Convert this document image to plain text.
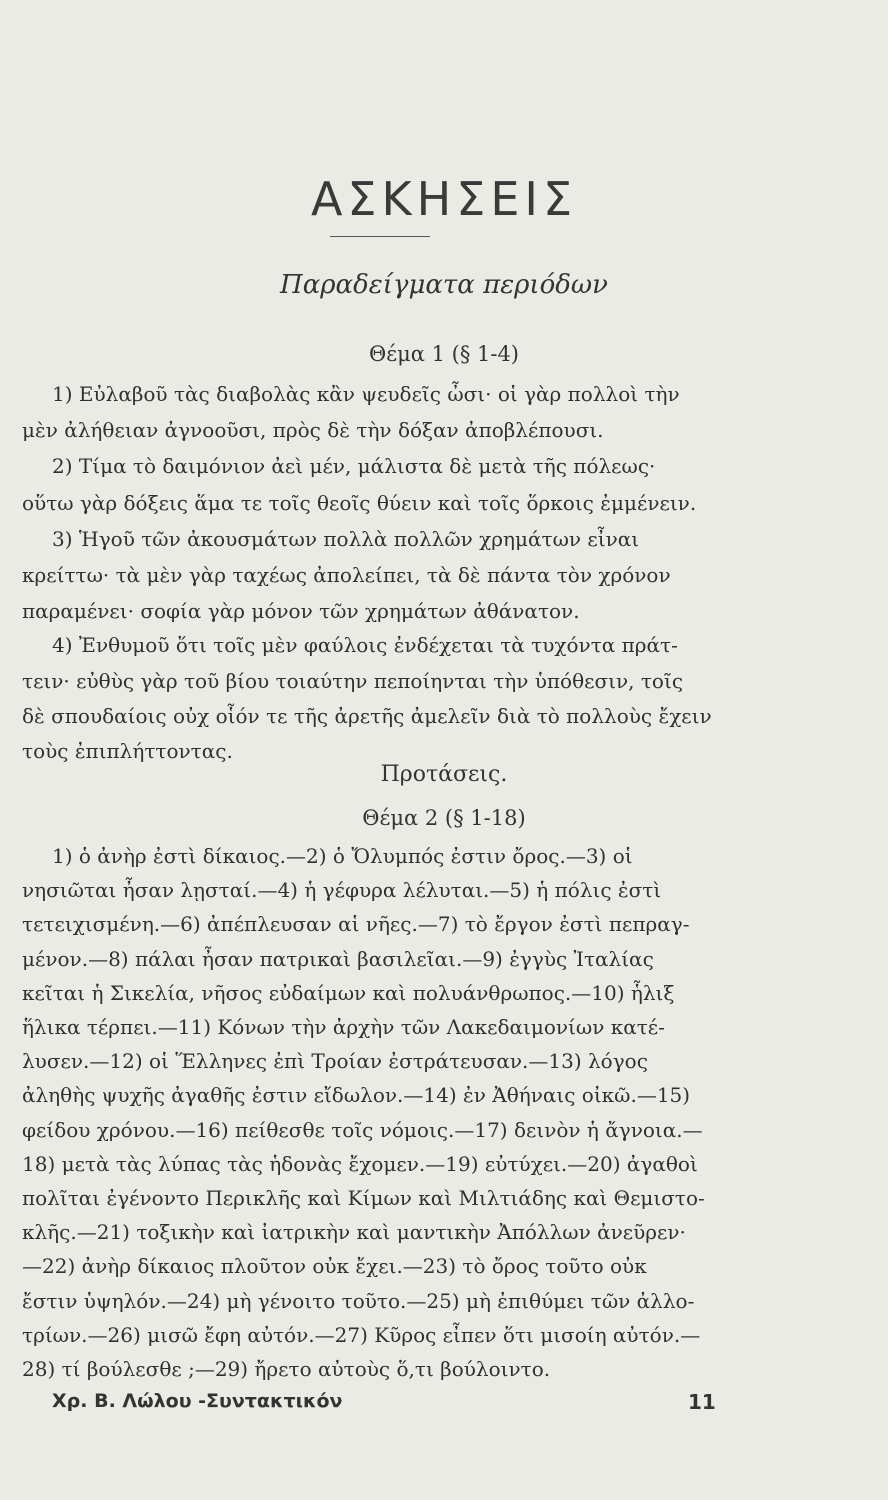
ΑΣΚΗΣΕΙΣ
Παραδείγματα περιόδων
Θέμα 1 (§ 1-4)
1) Εὐλαβοῦ τὰς διαβολὰς κἂν ψευδεῖς ὦσι· οἱ γὰρ πολλοὶ τὴν
μὲν ἀλήθειαν ἀγνοοῦσι, πρὸς δὲ τὴν δόξαν ἀποβλέπουσι.
2) Τίμα τὸ δαιμόνιον ἀεὶ μέν, μάλιστα δὲ μετὰ τῆς πόλεως·
οὕτω γὰρ δόξεις ἅμα τε τοῖς θεοῖς θύειν καὶ τοῖς ὅρκοις ἐμμένειν.
3) Ἡγοῦ τῶν ἀκουσμάτων πολλὰ πολλῶν χρημάτων εἶναι
κρείττω· τὰ μὲν γὰρ ταχέως ἀπολείπει, τὰ δὲ πάντα τὸν χρόνον
παραμένει· σοφία γὰρ μόνον τῶν χρημάτων ἀθάνατον.
4) Ἐνθυμοῦ ὅτι τοῖς μὲν φαύλοις ἐνδέχεται τὰ τυχόντα πράτ-
τειν· εὐθὺς γὰρ τοῦ βίου τοιαύτην πεποίηνται τὴν ὑπόθεσιν, τοῖς
δὲ σπουδαίοις οὐχ οἷόν τε τῆς ἀρετῆς ἀμελεῖν διὰ τὸ πολλοὺς ἔχειν
τοὺς ἐπιπλήττοντας.
Προτάσεις.
Θέμα 2 (§ 1-18)
1) ὁ ἀνὴρ ἐστὶ δίκαιος.—2) ὁ Ὄλυμπός ἐστιν ὄρος.—3) οἱ
νησιῶται ἦσαν λῃσταί.—4) ἡ γέφυρα λέλυται.—5) ἡ πόλις ἐστὶ
τετειχισμένη.—6) ἀπέπλευσαν αἱ νῆες.—7) τὸ ἔργον ἐστὶ πεπραγ-
μένον.—8) πάλαι ἦσαν πατρικαὶ βασιλεῖαι.—9) ἐγγὺς Ἰταλίας
κεῖται ἡ Σικελία, νῆσος εὐδαίμων καὶ πολυάνθρωπος.—10) ἧλιξ
ἥλικα τέρπει.—11) Κόνων τὴν ἀρχὴν τῶν Λακεδαιμονίων κατέ-
λυσεν.—12) οἱ Ἕλληνες ἐπὶ Τροίαν ἐστράτευσαν.—13) λόγος
ἀληθὴς ψυχῆς ἀγαθῆς ἐστιν εἴδωλον.—14) ἐν Ἀθήναις οἰκῶ.—15)
φείδου χρόνου.—16) πείθεσθε τοῖς νόμοις.—17) δεινὸν ἡ ἄγνοια.—
18) μετὰ τὰς λύπας τὰς ἡδονὰς ἔχομεν.—19) εὐτύχει.—20) ἀγαθοὶ
πολῖται ἐγένοντο Περικλῆς καὶ Κίμων καὶ Μιλτιάδης καὶ Θεμιστο-
κλῆς.—21) τοξικὴν καὶ ἰατρικὴν καὶ μαντικὴν Ἀπόλλων ἀνεῦρεν·
—22) ἀνὴρ δίκαιος πλοῦτον οὐκ ἔχει.—23) τὸ ὄρος τοῦτο οὐκ
ἔστιν ὑψηλόν.—24) μὴ γένοιτο τοῦτο.—25) μὴ ἐπιθύμει τῶν ἀλλο-
τρίων.—26) μισῶ ἔφη αὐτόν.—27) Κῦρος εἶπεν ὅτι μισοίη αὐτόν.—
28) τί βούλεσθε ;—29) ἤρετο αὐτοὺς ὅ,τι βούλοιντο.
Χρ. Β. Λώλου -Συντακτικόν	11
